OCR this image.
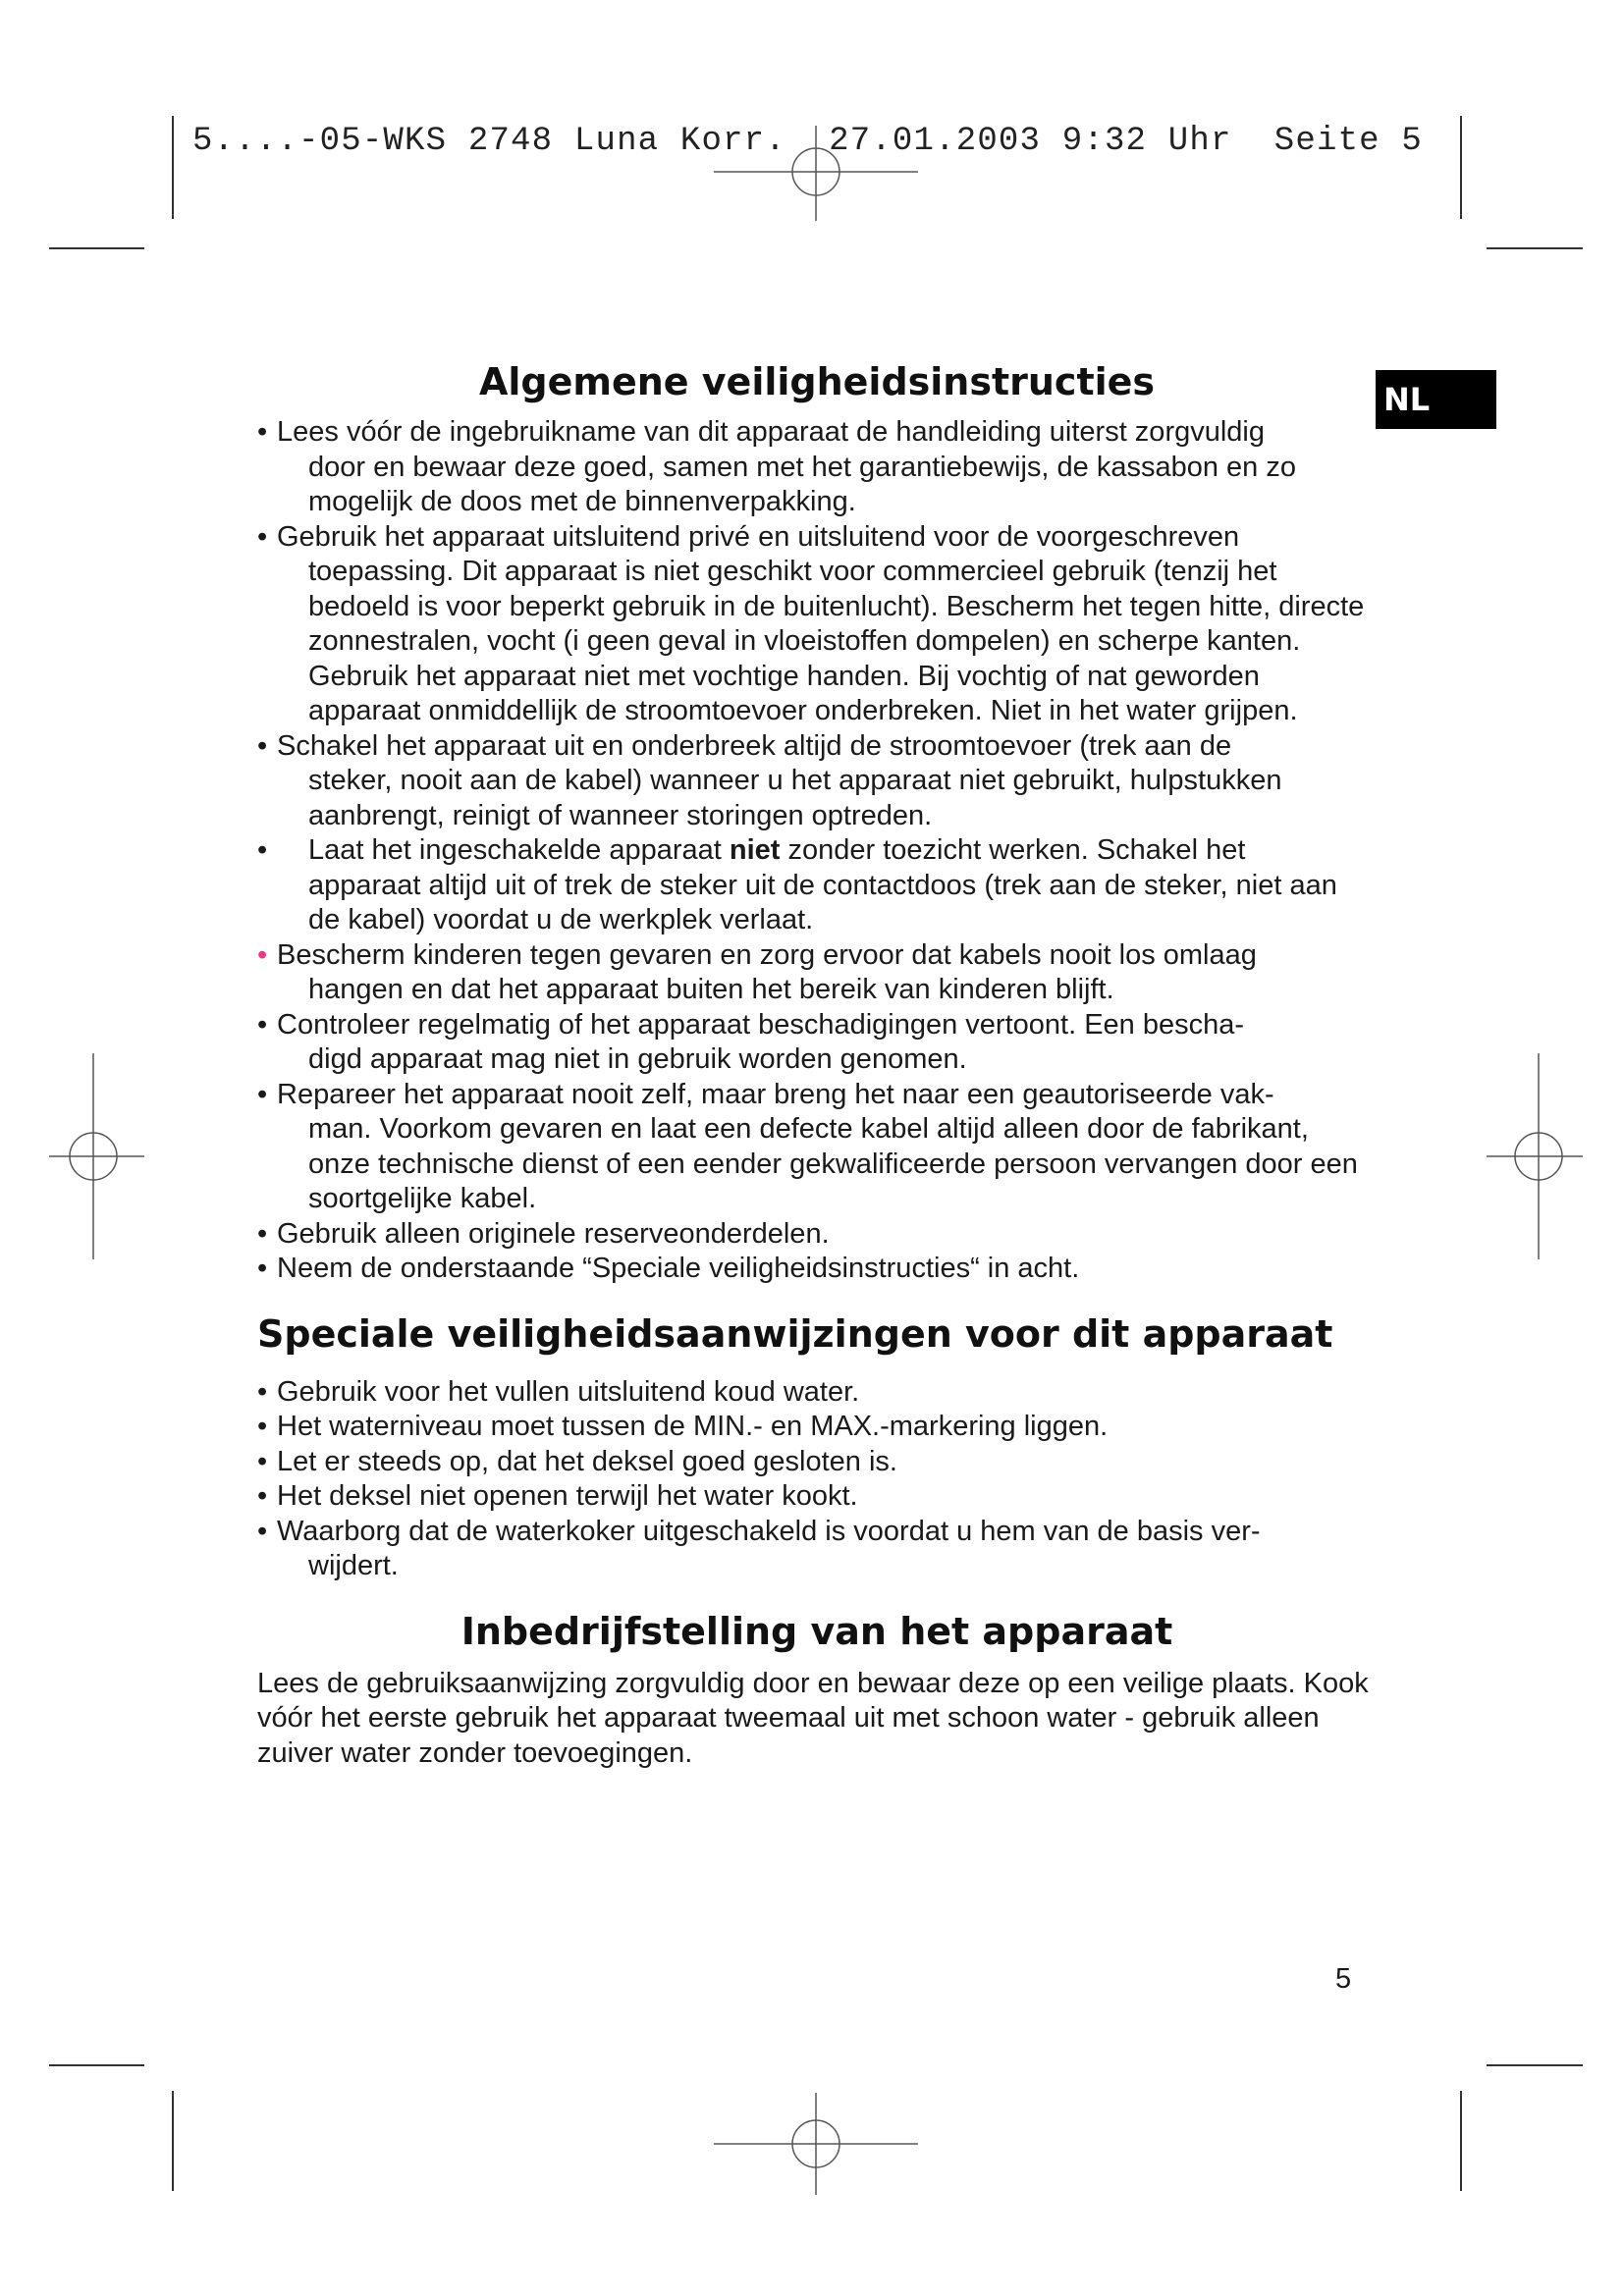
5....-05-WKS 2748 Luna Korr.  27.01.2003 9:32 Uhr  Seite 5
NL
Algemene veiligheidsinstructies
• Lees vóór de ingebruikname van dit apparaat de handleiding uiterst zorgvuldig
door en bewaar deze goed, samen met het garantiebewijs, de kassabon en zo mogelijk de doos met de binnenverpakking.
• Gebruik het apparaat uitsluitend privé en uitsluitend voor de voorgeschreven
toepassing. Dit apparaat is niet geschikt voor commercieel gebruik (tenzij het bedoeld is voor beperkt gebruik in de buitenlucht). Bescherm het tegen hitte, directe zonnestralen, vocht (i geen geval in vloeistoffen dompelen) en scherpe kanten. Gebruik het apparaat niet met vochtige handen. Bij vochtig of nat geworden apparaat onmiddellijk de stroomtoevoer onderbreken. Niet in het water grijpen.
• Schakel het apparaat uit en onderbreek altijd de stroomtoevoer (trek aan de
steker, nooit aan de kabel) wanneer u het apparaat niet gebruikt, hulpstukken aanbrengt, reinigt of wanneer storingen optreden.
• Laat het ingeschakelde apparaat niet zonder toezicht werken. Schakel het
apparaat altijd uit of trek de steker uit de contactdoos (trek aan de steker, niet aan de kabel) voordat u de werkplek verlaat.
• Bescherm kinderen tegen gevaren en zorg ervoor dat kabels nooit los omlaag
hangen en dat het apparaat buiten het bereik van kinderen blijft.
• Controleer regelmatig of het apparaat beschadigingen vertoont. Een bescha-
digd apparaat mag niet in gebruik worden genomen.
• Repareer het apparaat nooit zelf, maar breng het naar een geautoriseerde vak-
man. Voorkom gevaren en laat een defecte kabel altijd alleen door de fabrikant, onze technische dienst of een eender gekwalificeerde persoon vervangen door een soortgelijke kabel.
• Gebruik alleen originele reserveonderdelen.
• Neem de onderstaande “Speciale veiligheidsinstructies“ in acht.
Speciale veiligheidsaanwijzingen voor dit apparaat
• Gebruik voor het vullen uitsluitend koud water.
• Het waterniveau moet tussen de MIN.- en MAX.-markering liggen.
• Let er steeds op, dat het deksel goed gesloten is.
• Het deksel niet openen terwijl het water kookt.
• Waarborg dat de waterkoker uitgeschakeld is voordat u hem van de basis ver-
wijdert.
Inbedrijfstelling van het apparaat

Lees de gebruiksaanwijzing zorgvuldig door en bewaar deze op een veilige plaats. Kook vóór het eerste gebruik het apparaat tweemaal uit met schoon water - gebruik alleen zuiver water zonder toevoegingen.

5
